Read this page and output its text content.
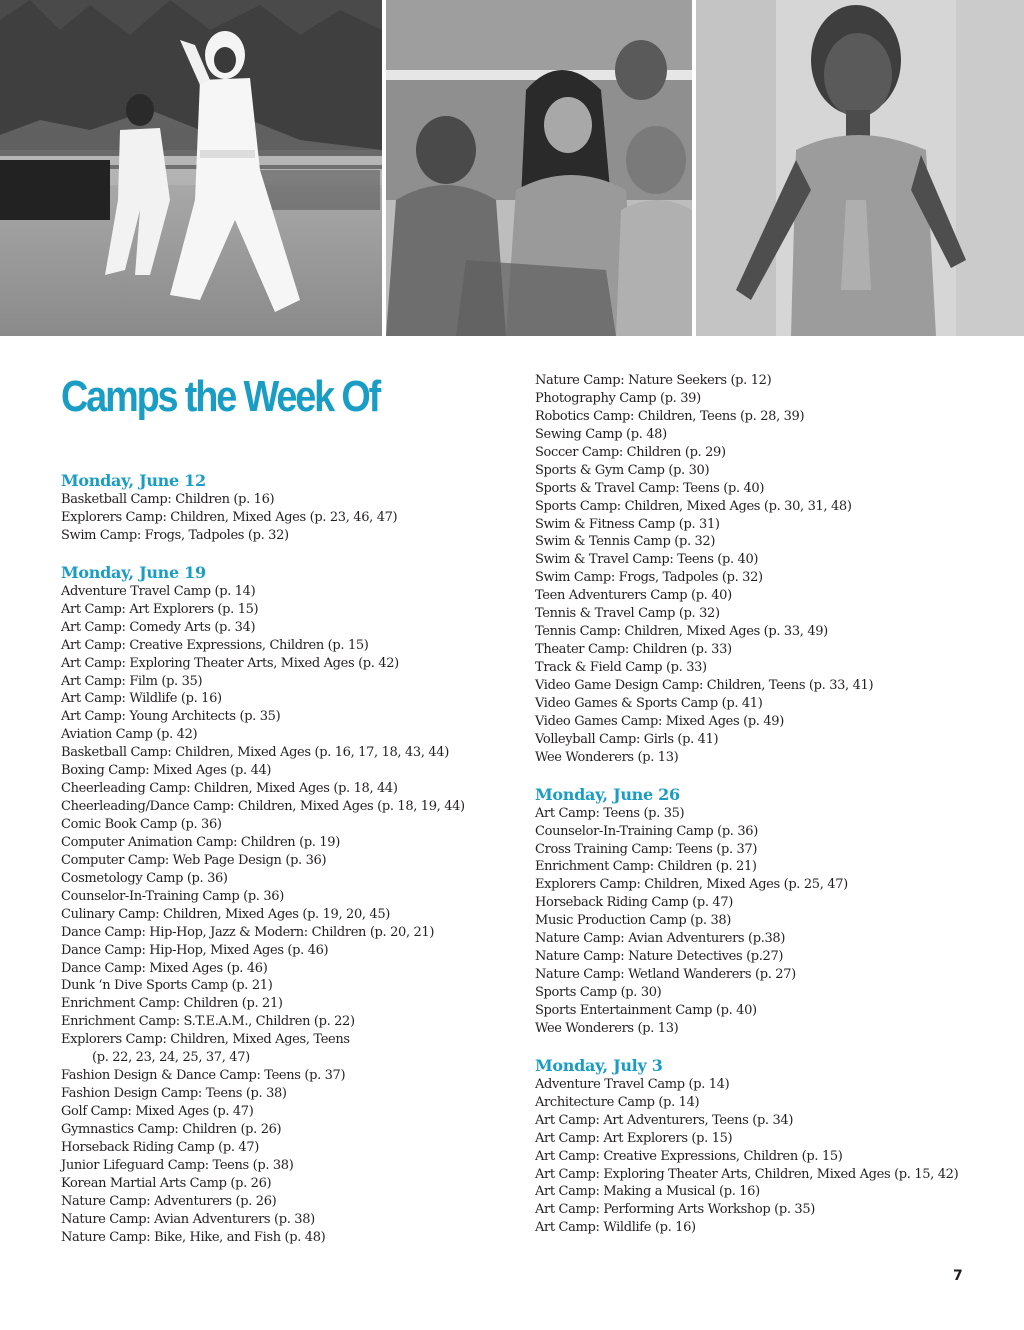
Camps the Week Of
Monday, June 12
Basketball Camp: Children (p. 16)
Explorers Camp: Children, Mixed Ages (p. 23, 46, 47)
Swim Camp: Frogs, Tadpoles (p. 32)
Monday, June 19
Adventure Travel Camp (p. 14)
Art Camp: Art Explorers (p. 15)
Art Camp: Comedy Arts (p. 34)
Art Camp: Creative Expressions, Children (p. 15)
Art Camp: Exploring Theater Arts, Mixed Ages (p. 42)
Art Camp: Film (p. 35)
Art Camp: Wildlife (p. 16)
Art Camp: Young Architects (p. 35)
Aviation Camp (p. 42)
Basketball Camp: Children, Mixed Ages (p. 16, 17, 18, 43, 44)
Boxing Camp: Mixed Ages (p. 44)
Cheerleading Camp: Children, Mixed Ages (p. 18, 44)
Cheerleading/Dance Camp: Children, Mixed Ages (p. 18, 19, 44)
Comic Book Camp (p. 36)
Computer Animation Camp: Children (p. 19)
Computer Camp: Web Page Design (p. 36)
Cosmetology Camp (p. 36)
Counselor-In-Training Camp (p. 36)
Culinary Camp: Children, Mixed Ages (p. 19, 20, 45)
Dance Camp: Hip-Hop, Jazz & Modern: Children (p. 20, 21)
Dance Camp: Hip-Hop, Mixed Ages (p. 46)
Dance Camp: Mixed Ages (p. 46)
Dunk ‘n Dive Sports Camp (p. 21)
Enrichment Camp: Children (p. 21)
Enrichment Camp: S.T.E.A.M., Children (p. 22)
Explorers Camp: Children, Mixed Ages, Teens
(p. 22, 23, 24, 25, 37, 47)
Fashion Design & Dance Camp: Teens (p. 37)
Fashion Design Camp: Teens (p. 38)
Golf Camp: Mixed Ages (p. 47)
Gymnastics Camp: Children (p. 26)
Horseback Riding Camp (p. 47)
Junior Lifeguard Camp: Teens (p. 38)
Korean Martial Arts Camp (p. 26)
Nature Camp: Adventurers (p. 26)
Nature Camp: Avian Adventurers (p. 38)
Nature Camp: Bike, Hike, and Fish (p. 48)
Nature Camp: Nature Seekers (p. 12)
Photography Camp (p. 39)
Robotics Camp: Children, Teens (p. 28, 39)
Sewing Camp (p. 48)
Soccer Camp: Children (p. 29)
Sports & Gym Camp (p. 30)
Sports & Travel Camp: Teens (p. 40)
Sports Camp: Children, Mixed Ages (p. 30, 31, 48)
Swim & Fitness Camp (p. 31)
Swim & Tennis Camp (p. 32)
Swim & Travel Camp: Teens (p. 40)
Swim Camp: Frogs, Tadpoles (p. 32)
Teen Adventurers Camp (p. 40)
Tennis & Travel Camp (p. 32)
Tennis Camp: Children, Mixed Ages (p. 33, 49)
Theater Camp: Children (p. 33)
Track & Field Camp (p. 33)
Video Game Design Camp: Children, Teens (p. 33, 41)
Video Games & Sports Camp (p. 41)
Video Games Camp: Mixed Ages (p. 49)
Volleyball Camp: Girls (p. 41)
Wee Wonderers (p. 13)
Monday, June 26
Art Camp: Teens (p. 35)
Counselor-In-Training Camp (p. 36)
Cross Training Camp: Teens (p. 37)
Enrichment Camp: Children (p. 21)
Explorers Camp: Children, Mixed Ages (p. 25, 47)
Horseback Riding Camp (p. 47)
Music Production Camp (p. 38)
Nature Camp: Avian Adventurers (p.38)
Nature Camp: Nature Detectives (p.27)
Nature Camp: Wetland Wanderers (p. 27)
Sports Camp (p. 30)
Sports Entertainment Camp (p. 40)
Wee Wonderers (p. 13)
Monday, July 3
Adventure Travel Camp (p. 14)
Architecture Camp (p. 14)
Art Camp: Art Adventurers, Teens (p. 34)
Art Camp: Art Explorers (p. 15)
Art Camp: Creative Expressions, Children (p. 15)
Art Camp: Exploring Theater Arts, Children, Mixed Ages (p. 15, 42)
Art Camp: Making a Musical (p. 16)
Art Camp: Performing Arts Workshop (p. 35)
Art Camp: Wildlife (p. 16)
7
